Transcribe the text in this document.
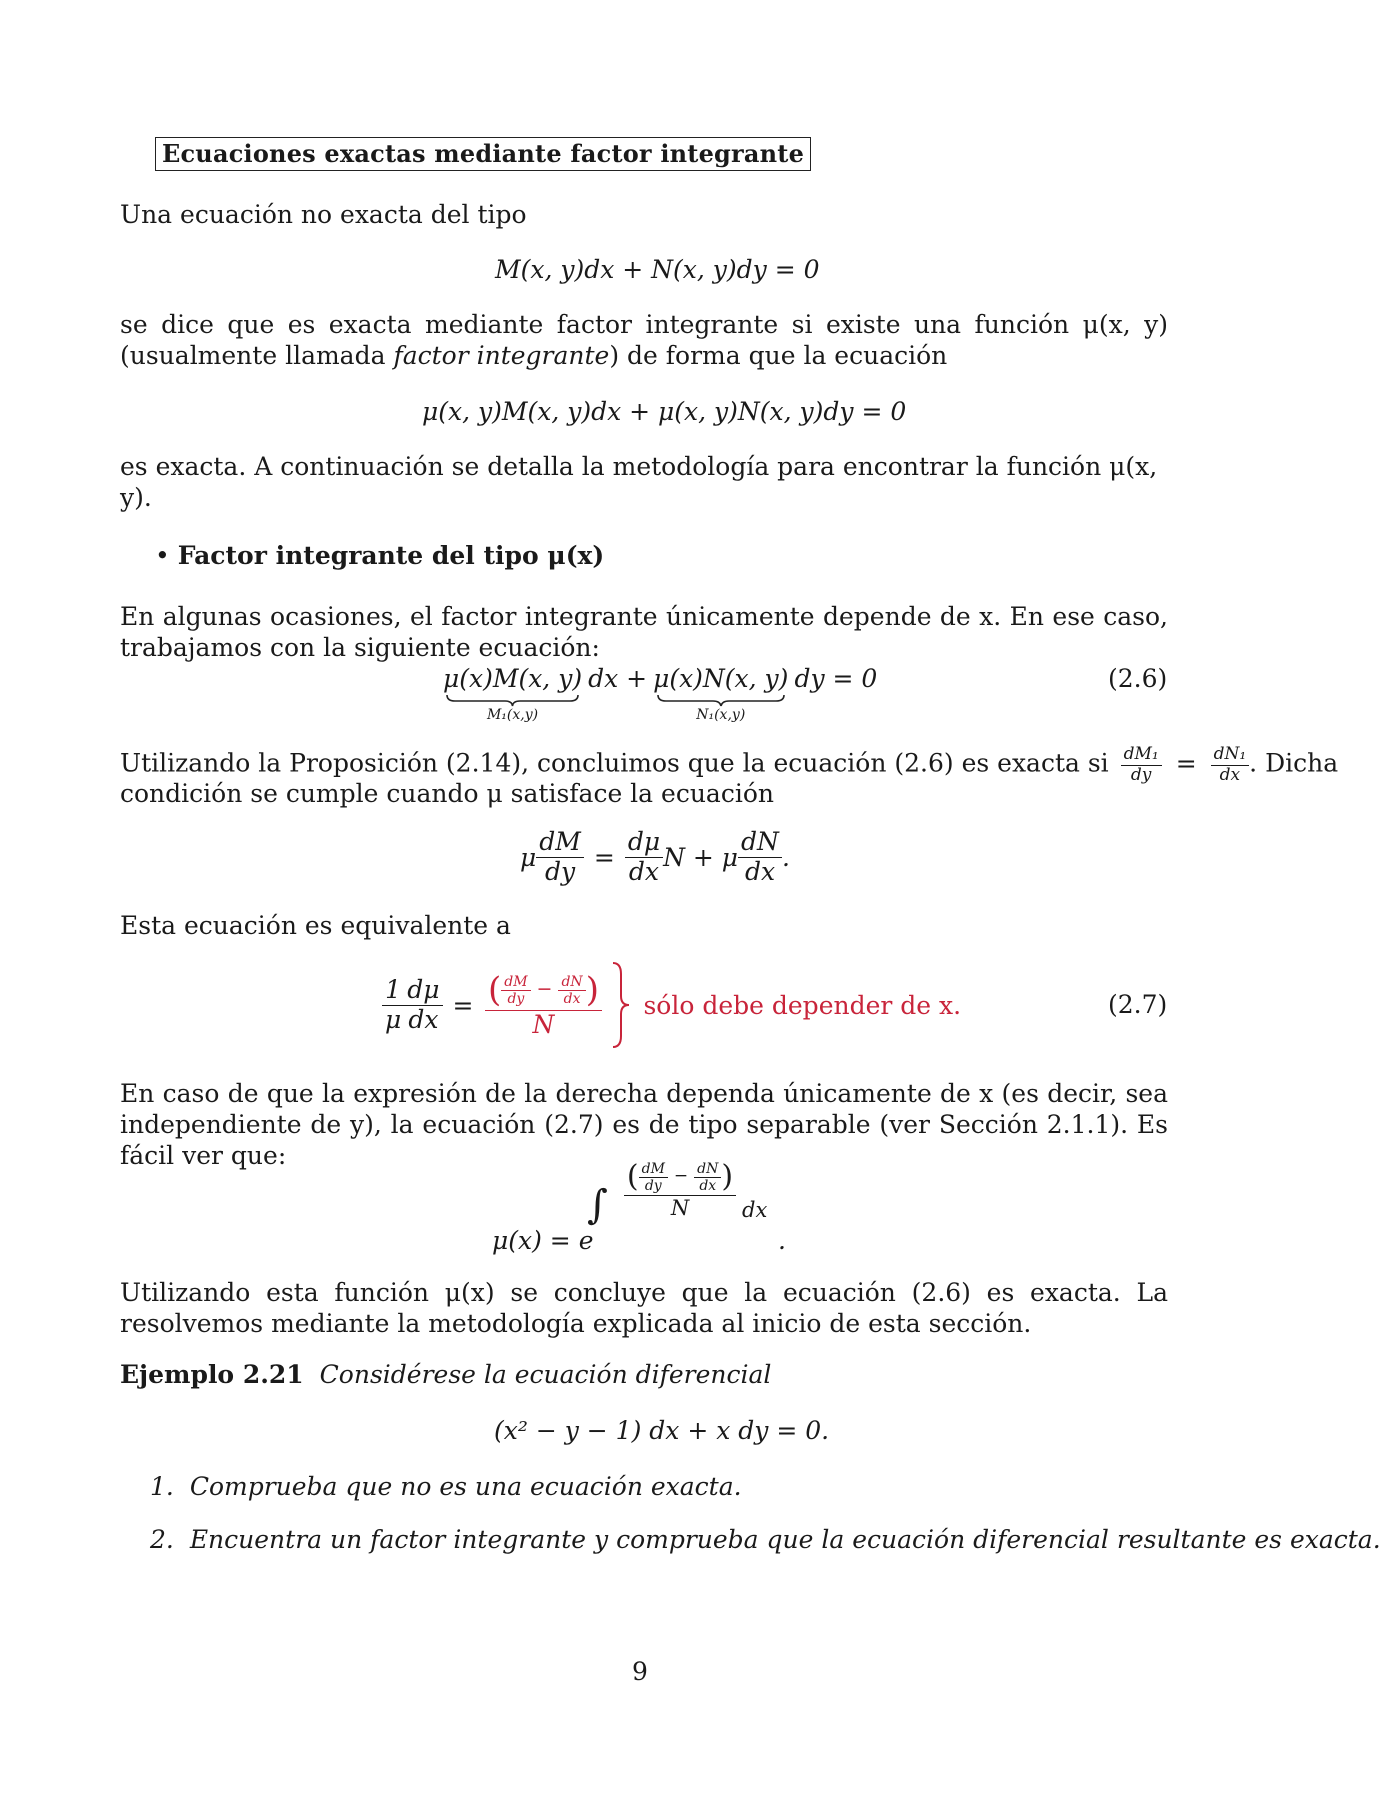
Ecuaciones exactas mediante factor integrante
Una ecuación no exacta del tipo
M(x, y)dx + N(x, y)dy = 0
se dice que es exacta mediante factor integrante si existe una función μ(x, y) (usualmente llamada factor integrante) de forma que la ecuación
μ(x, y)M(x, y)dx + μ(x, y)N(x, y)dy = 0
es exacta. A continuación se detalla la metodología para encontrar la función μ(x, y).
• Factor integrante del tipo μ(x)
En algunas ocasiones, el factor integrante únicamente depende de x. En ese caso, trabajamos con la siguiente ecuación:
μ(x)M(x, y)
M₁(x,y)
dx + μ(x)N(x, y)
N₁(x,y)
dy = 0	(2.6)
Utilizando la Proposición (2.14), concluimos que la ecuación (2.6) es exacta si $\frac{\text{dM₁}}{dy} = \frac{\text{dN₁}}{dx}$ . Dicha
condición se cumple cuando μ satisface la ecuación
μ $\frac{dM}{dy} = \frac{d\mu}{dx}$ N + μ $\frac{dN}{dx}$ .
Esta ecuación es equivalente a
$\frac{1}{\mu} \frac{d\mu}{dx} = \frac{( \frac{dM}{dy} - \frac{dN}{dx} )}{N}$ sólo debe depender de x.	(2.7)
En caso de que la expresión de la derecha dependa únicamente de x (es decir, sea independiente de y), la ecuación (2.7) es de tipo separable (ver Sección 2.1.1). Es fácil ver que:
μ(x) = e
∫
( $\frac{dM}{dy} - \frac{dN}{dx}$ )
N	dx
.
Utilizando esta función μ(x) se concluye que la ecuación (2.6) es exacta. La resolvemos mediante la metodología explicada al inicio de esta sección.
Ejemplo 2.21 Considérese la ecuación diferencial
(x² − y − 1) dx + x dy = 0.
1. Comprueba que no es una ecuación exacta.
2. Encuentra un factor integrante y comprueba que la ecuación diferencial resultante es exacta.
9
